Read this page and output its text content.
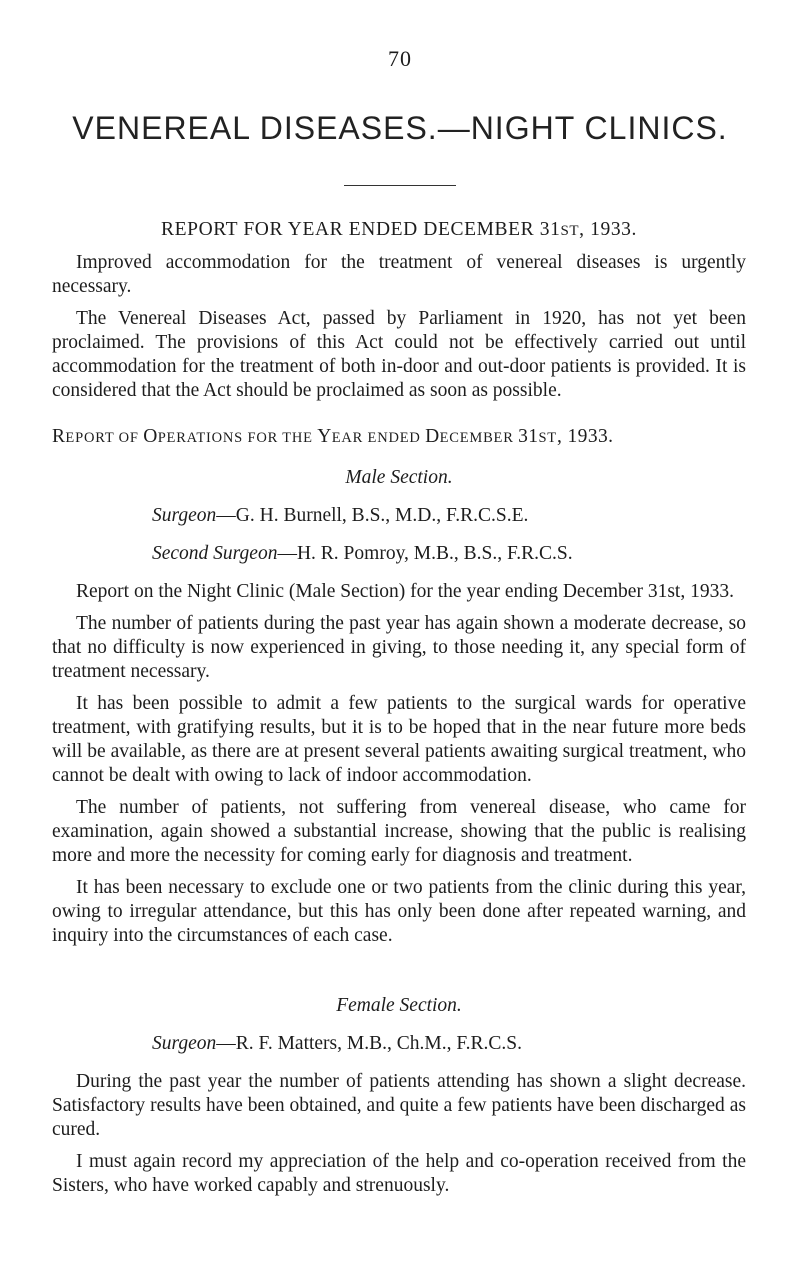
70
VENEREAL DISEASES.—NIGHT CLINICS.
REPORT FOR YEAR ENDED DECEMBER 31ST, 1933.

Improved accommodation for the treatment of venereal diseases is urgently necessary.

The Venereal Diseases Act, passed by Parliament in 1920, has not yet been proclaimed. The provisions of this Act could not be effectively carried out until accommodation for the treatment of both in-door and out-door patients is provided. It is considered that the Act should be proclaimed as soon as possible.

REPORT OF OPERATIONS FOR THE YEAR ENDED DECEMBER 31ST, 1933.

Male Section.

Surgeon—G. H. Burnell, B.S., M.D., F.R.C.S.E.

Second Surgeon—H. R. Pomroy, M.B., B.S., F.R.C.S.

Report on the Night Clinic (Male Section) for the year ending December 31st, 1933.

The number of patients during the past year has again shown a moderate decrease, so that no difficulty is now experienced in giving, to those needing it, any special form of treatment necessary.

It has been possible to admit a few patients to the surgical wards for operative treatment, with gratifying results, but it is to be hoped that in the near future more beds will be available, as there are at present several patients awaiting surgical treatment, who cannot be dealt with owing to lack of indoor accommodation.

The number of patients, not suffering from venereal disease, who came for examination, again showed a substantial increase, showing that the public is realising more and more the necessity for coming early for diagnosis and treatment.

It has been necessary to exclude one or two patients from the clinic during this year, owing to irregular attendance, but this has only been done after repeated warning, and inquiry into the circumstances of each case.

Female Section.

Surgeon—R. F. Matters, M.B., Ch.M., F.R.C.S.

During the past year the number of patients attending has shown a slight decrease. Satisfactory results have been obtained, and quite a few patients have been discharged as cured.

I must again record my appreciation of the help and co-operation received from the Sisters, who have worked capably and strenuously.
